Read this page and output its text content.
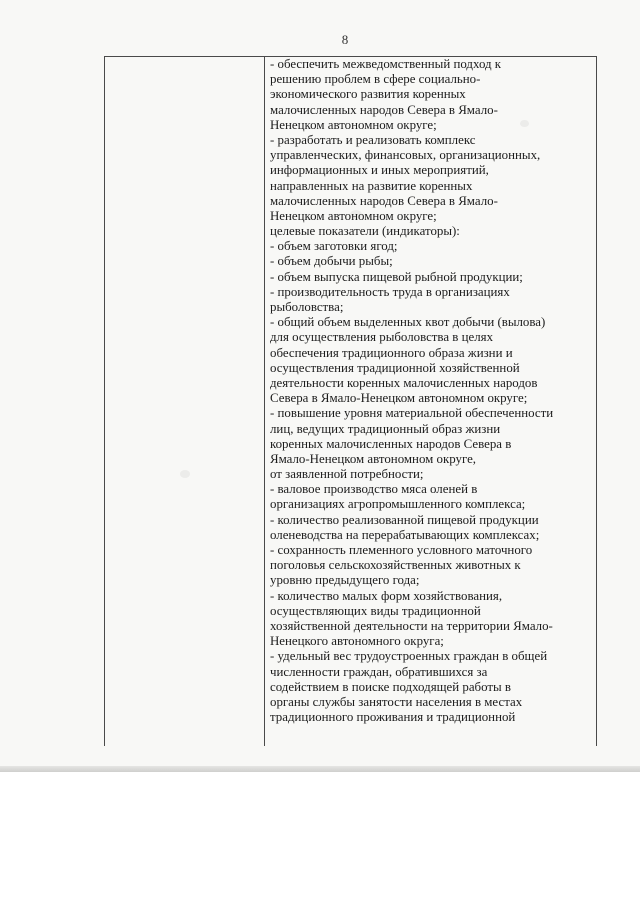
8
- обеспечить межведомственный подход к
решению проблем в сфере социально-
экономического развития коренных
малочисленных народов Севера в Ямало-
Ненецком автономном округе;
- разработать и реализовать комплекс
управленческих, финансовых, организационных,
информационных и иных мероприятий,
направленных на развитие коренных
малочисленных народов Севера в Ямало-
Ненецком автономном округе;
целевые показатели (индикаторы):
- объем заготовки ягод;
- объем добычи рыбы;
- объем выпуска пищевой рыбной продукции;
- производительность труда в организациях
рыболовства;
- общий объем выделенных квот добычи (вылова)
для осуществления рыболовства в целях
обеспечения традиционного образа жизни и
осуществления традиционной хозяйственной
деятельности коренных малочисленных народов
Севера в Ямало-Ненецком автономном округе;
- повышение уровня материальной обеспеченности
лиц, ведущих традиционный образ жизни
коренных малочисленных народов Севера в
Ямало-Ненецком автономном округе,
от заявленной потребности;
- валовое производство мяса оленей в
организациях агропромышленного комплекса;
- количество реализованной пищевой продукции
оленеводства на перерабатывающих комплексах;
- сохранность племенного условного маточного
поголовья сельскохозяйственных животных к
уровню предыдущего года;
- количество малых форм хозяйствования,
осуществляющих виды традиционной
хозяйственной деятельности на территории Ямало-
Ненецкого автономного округа;
- удельный вес трудоустроенных граждан в общей
численности граждан, обратившихся за
содействием в поиске подходящей работы в
органы службы занятости населения в местах
традиционного проживания и традиционной
